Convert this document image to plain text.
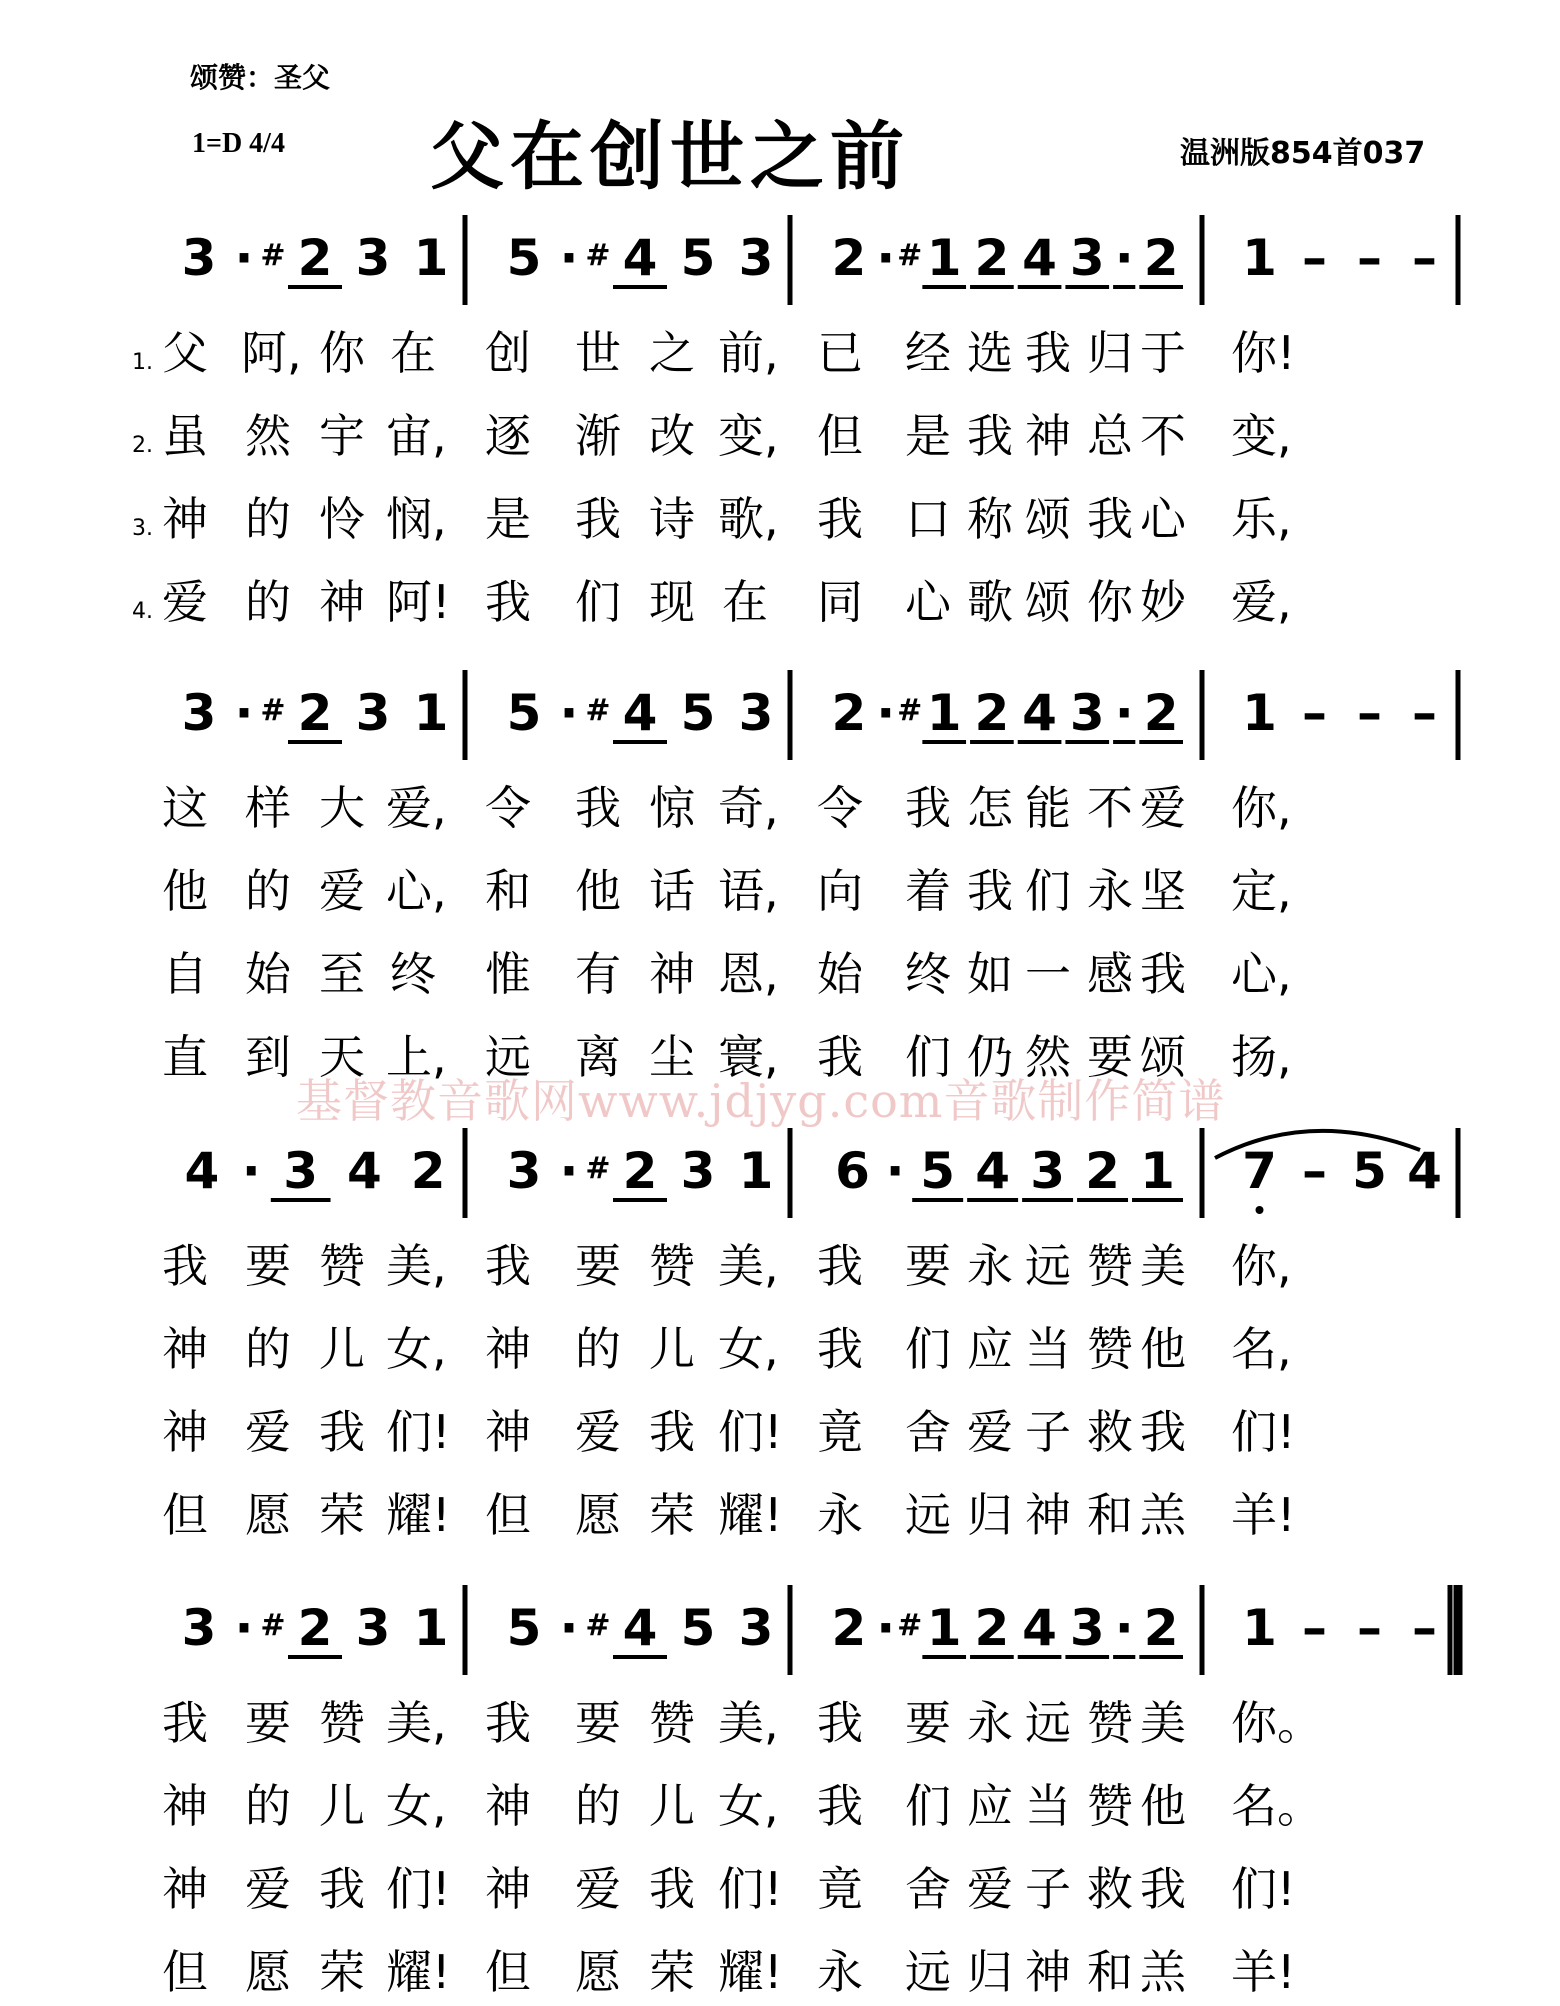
颂赞：圣父
1=D 4/4 父在创世之前	温洲版854首037
基督教音歌网www.jdjyg.com音歌制作简谱
3 · # 2 3 1 5 · # 4 5 3 2 · # 1 2 4 3 · 2 1 – – –
1. 父 阿, 你 在 创 世 之 前, 已 经 选 我 归 于 你!
2. 虽 然 宇 宙, 逐 渐 改 变, 但 是 我 神 总 不 变,
3. 神 的 怜 悯, 是 我 诗 歌, 我 口 称 颂 我 心 乐,
4. 爱 的 神 阿! 我 们 现 在 同 心 歌 颂 你 妙 爱,
3 · # 2 3 1 5 · # 4 5 3 2 · # 1 2 4 3 · 2 1 – – –
这 样 大 爱, 令 我 惊 奇, 令 我 怎 能 不 爱 你,
他 的 爱 心, 和 他 话 语, 向 着 我 们 永 坚 定,
自 始 至 终 惟 有 神 恩, 始 终 如 一 感 我 心,
直 到 天 上, 远 离 尘 寰, 我 们 仍 然 要 颂 扬,
4 · 3 4 2 3 · # 2 3 1 6 · 5 4 3 2 1 7 – 5 4
我 要 赞 美, 我 要 赞 美, 我 要 永 远 赞 美 你,
神 的 儿 女, 神 的 儿 女, 我 们 应 当 赞 他 名,
神 爱 我 们! 神 爱 我 们! 竟 舍 爱 子 救 我 们!
但 愿 荣 耀! 但 愿 荣 耀! 永 远 归 神 和 羔 羊!
3 · # 2 3 1 5 · # 4 5 3 2 · # 1 2 4 3 · 2 1 – – –
我 要 赞 美, 我 要 赞 美, 我 要 永 远 赞 美 你。
神 的 儿 女, 神 的 儿 女, 我 们 应 当 赞 他 名。
神 爱 我 们! 神 爱 我 们! 竟 舍 爱 子 救 我 们!
但 愿 荣 耀! 但 愿 荣 耀! 永 远 归 神 和 羔 羊!
